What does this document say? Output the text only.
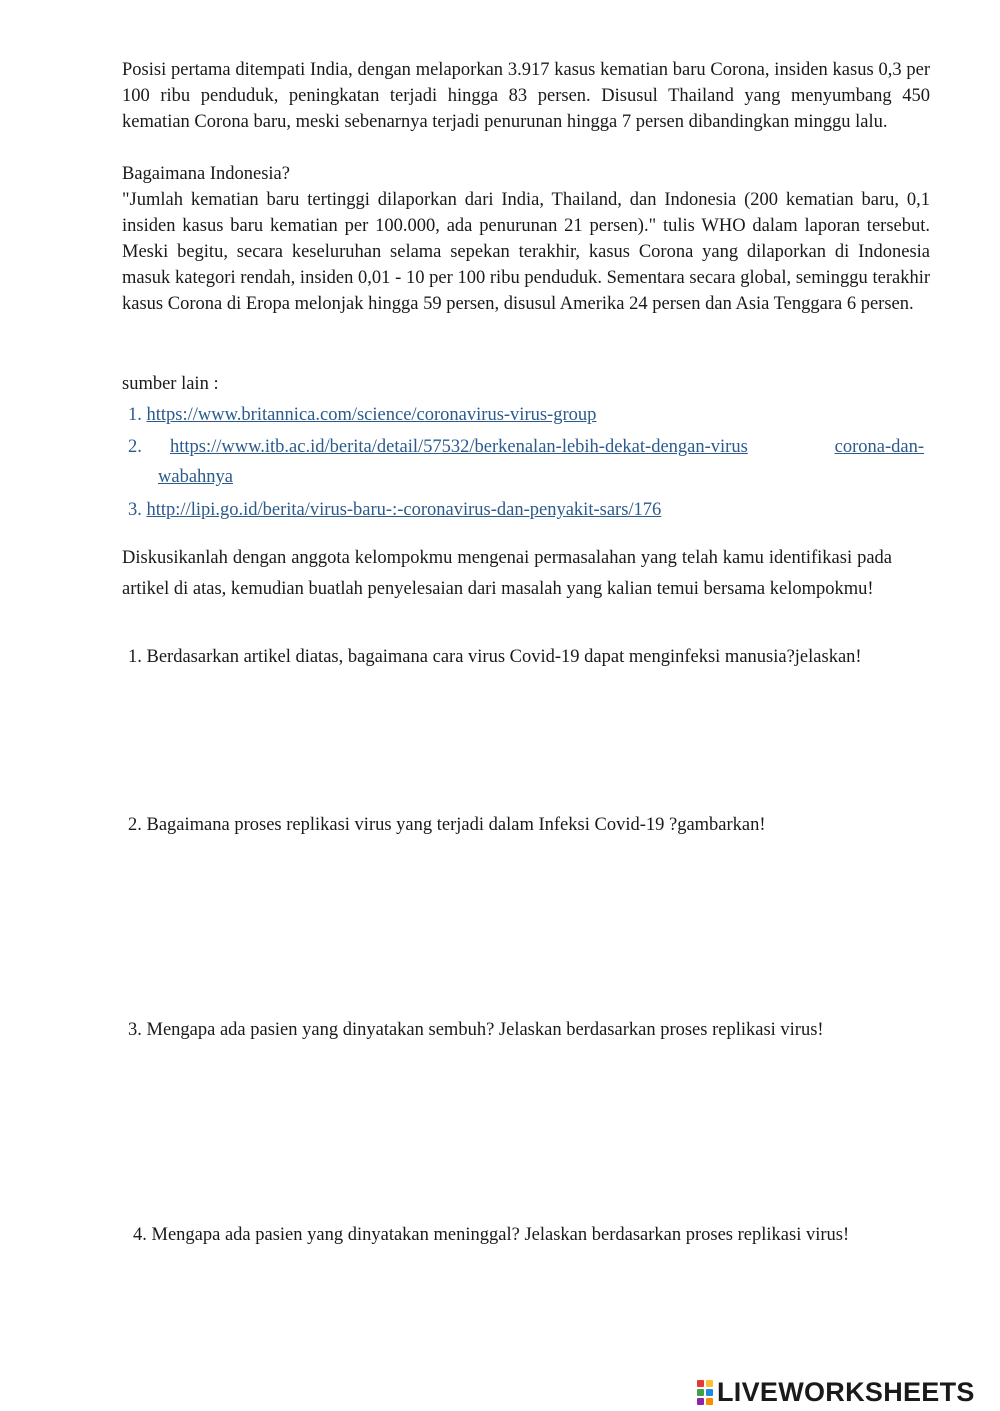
Posisi pertama ditempati India, dengan melaporkan 3.917 kasus kematian baru Corona, insiden kasus 0,3 per 100 ribu penduduk, peningkatan terjadi hingga 83 persen. Disusul Thailand yang menyumbang 450 kematian Corona baru, meski sebenarnya terjadi penurunan hingga 7 persen dibandingkan minggu lalu.

Bagaimana Indonesia?

"Jumlah kematian baru tertinggi dilaporkan dari India, Thailand, dan Indonesia (200 kematian baru, 0,1 insiden kasus baru kematian per 100.000, ada penurunan 21 persen)." tulis WHO dalam laporan tersebut. Meski begitu, secara keseluruhan selama sepekan terakhir, kasus Corona yang dilaporkan di Indonesia masuk kategori rendah, insiden 0,01 - 10 per 100 ribu penduduk. Sementara secara global, seminggu terakhir kasus Corona di Eropa melonjak hingga 59 persen, disusul Amerika 24 persen dan Asia Tenggara 6 persen.

sumber lain :

1. https://www.britannica.com/science/coronavirus-virus-group

2. https://www.itb.ac.id/berita/detail/57532/berkenalan-lebih-dekat-dengan-virus	corona-dan-

wabahnya

3. http://lipi.go.id/berita/virus-baru-:-coronavirus-dan-penyakit-sars/176

Diskusikanlah dengan anggota kelompokmu mengenai permasalahan yang telah kamu identifikasi pada artikel di atas, kemudian buatlah penyelesaian dari masalah yang kalian temui bersama kelompokmu!

1. Berdasarkan artikel diatas, bagaimana cara virus Covid-19 dapat menginfeksi manusia?jelaskan!

2. Bagaimana proses replikasi virus yang terjadi dalam Infeksi Covid-19 ?gambarkan!

3. Mengapa ada pasien yang dinyatakan sembuh? Jelaskan berdasarkan proses replikasi virus!

4. Mengapa ada pasien yang dinyatakan meninggal? Jelaskan berdasarkan proses replikasi virus!

LIVEWORKSHEETS
